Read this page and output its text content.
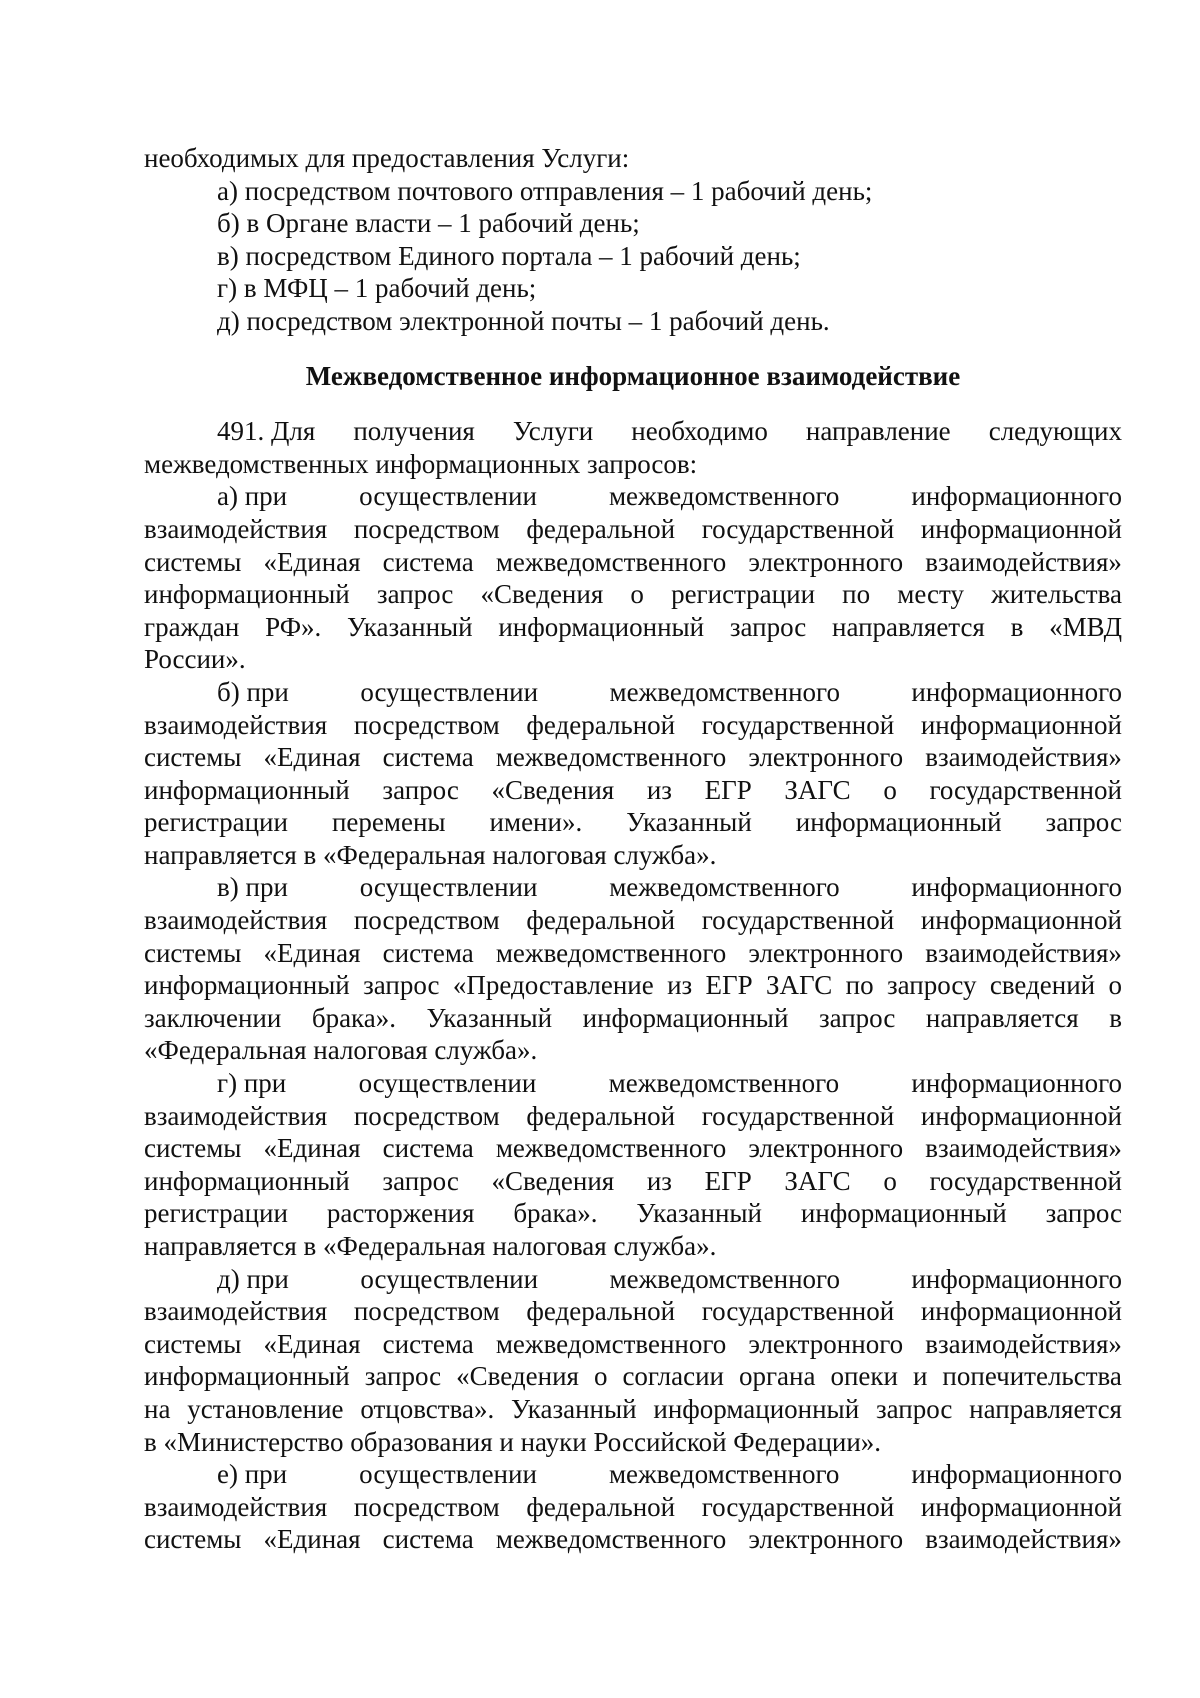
необходимых для предоставления Услуги:
а) посредством почтового отправления – 1 рабочий день;
б) в Органе власти – 1 рабочий день;
в) посредством Единого портала – 1 рабочий день;
г) в МФЦ – 1 рабочий день;
д) посредством электронной почты – 1 рабочий день.
Межведомственное информационное взаимодействие
491. Для получения Услуги необходимо направление следующих
межведомственных информационных запросов:
а) при	осуществлении	межведомственного	информационного
взаимодействия посредством федеральной государственной информационной
системы «Единая система межведомственного электронного взаимодействия»
информационный запрос «Сведения о регистрации по месту жительства
граждан РФ». Указанный информационный запрос направляется в «МВД
России».
б) при	осуществлении	межведомственного	информационного
взаимодействия посредством федеральной государственной информационной
системы «Единая система межведомственного электронного взаимодействия»
информационный запрос «Сведения из ЕГР ЗАГС о государственной
регистрации перемены имени». Указанный информационный запрос
направляется в «Федеральная налоговая служба».
в) при	осуществлении	межведомственного	информационного
взаимодействия посредством федеральной государственной информационной
системы «Единая система межведомственного электронного взаимодействия»
информационный запрос «Предоставление из ЕГР ЗАГС по запросу сведений о
заключении брака». Указанный информационный запрос направляется в
«Федеральная налоговая служба».
г) при	осуществлении	межведомственного	информационного
взаимодействия посредством федеральной государственной информационной
системы «Единая система межведомственного электронного взаимодействия»
информационный запрос «Сведения из ЕГР ЗАГС о государственной
регистрации расторжения брака». Указанный информационный запрос
направляется в «Федеральная налоговая служба».
д) при	осуществлении	межведомственного	информационного
взаимодействия посредством федеральной государственной информационной
системы «Единая система межведомственного электронного взаимодействия»
информационный запрос «Сведения о согласии органа опеки и попечительства
на установление отцовства». Указанный информационный запрос направляется
в «Министерство образования и науки Российской Федерации».
е) при	осуществлении	межведомственного	информационного
взаимодействия посредством федеральной государственной информационной
системы «Единая система межведомственного электронного взаимодействия»
